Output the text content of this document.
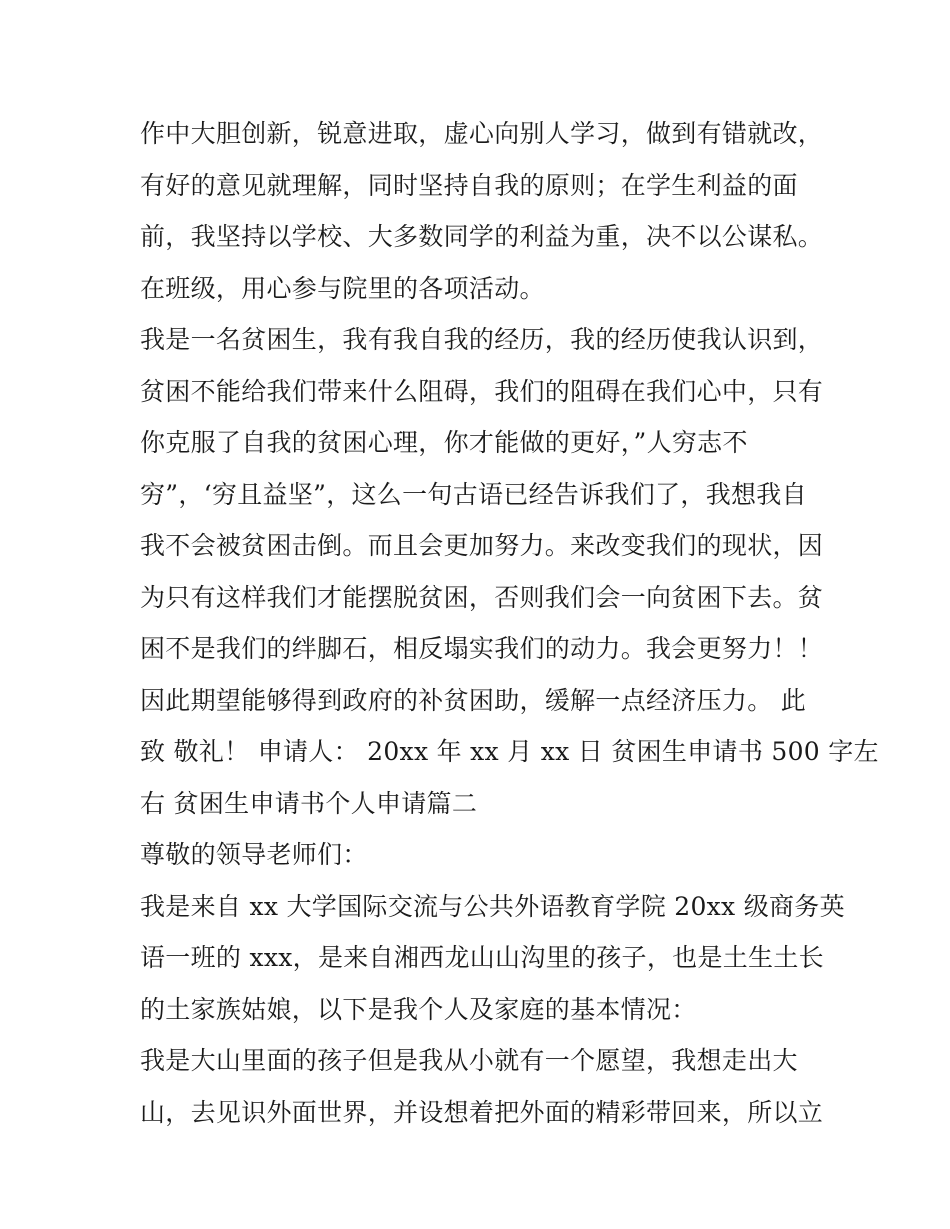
作中大胆创新，锐意进取，虚心向别人学习，做到有错就改，
有好的意见就理解，同时坚持自我的原则；在学生利益的面
前，我坚持以学校、大多数同学的利益为重，决不以公谋私。
在班级，用心参与院里的各项活动。
我是一名贫困生，我有我自我的经历，我的经历使我认识到，
贫困不能给我们带来什么阻碍，我们的阻碍在我们心中，只有
你克服了自我的贫困心理，你才能做的更好，”人穷志不
穷”，‘穷且益坚”，这么一句古语已经告诉我们了，我想我自
我不会被贫困击倒。而且会更加努力。来改变我们的现状，因
为只有这样我们才能摆脱贫困，否则我们会一向贫困下去。贫
困不是我们的绊脚石，相反塌实我们的动力。我会更努力！！
因此期望能够得到政府的补贫困助，缓解一点经济压力。 此
致 敬礼！ 申请人： 20xx 年 xx 月 xx 日 贫困生申请书 500 字左
右 贫困生申请书个人申请篇二
尊敬的领导老师们：
我是来自 xx 大学国际交流与公共外语教育学院 20xx 级商务英
语一班的 xxx，是来自湘西龙山山沟里的孩子，也是土生土长
的土家族姑娘，以下是我个人及家庭的基本情况：
我是大山里面的孩子但是我从小就有一个愿望，我想走出大
山，去见识外面世界，并设想着把外面的精彩带回来，所以立
